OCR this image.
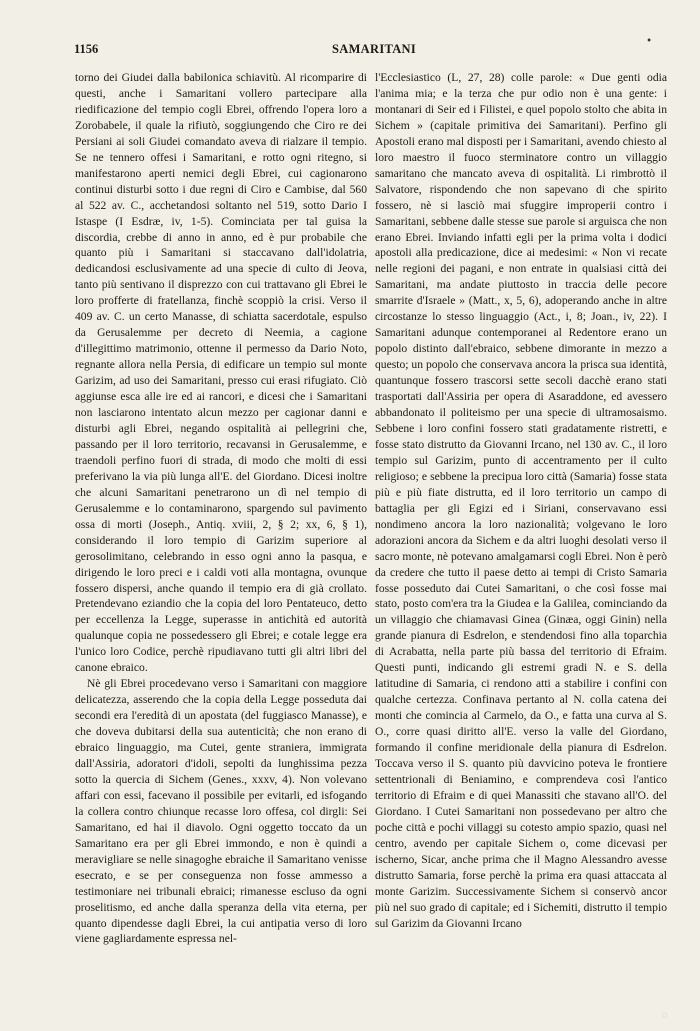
1156	SAMARITANI
•

torno dei Giudei dalla babilonica schiavitù. Al ricomparire di questi, anche i Samaritani vollero partecipare alla riedificazione del tempio cogli Ebrei, offrendo l'opera loro a Zorobabele, il quale la rifiutò, soggiungendo che Ciro re dei Persiani ai soli Giudei comandato aveva di rialzare il tempio. Se ne tennero offesi i Samaritani, e rotto ogni ritegno, si manifestarono aperti nemici degli Ebrei, cui cagionarono continui disturbi sotto i due regni di Ciro e Cambise, dal 560 al 522 av. C., acchetandosi soltanto nel 519, sotto Dario I Istaspe (I Esdræ, iv, 1-5). Cominciata per tal guisa la discordia, crebbe di anno in anno, ed è pur probabile che quanto più i Samaritani si staccavano dall'idolatria, dedicandosi esclusivamente ad una specie di culto di Jeova, tanto più sentivano il disprezzo con cui trattavano gli Ebrei le loro profferte di fratellanza, finchè scoppiò la crisi. Verso il 409 av. C. un certo Manasse, di schiatta sacerdotale, espulso da Gerusalemme per decreto di Neemia, a cagione d'illegittimo matrimonio, ottenne il permesso da Dario Noto, regnante allora nella Persia, di edificare un tempio sul monte Garizim, ad uso dei Samaritani, presso cui erasi rifugiato. Ciò aggiunse esca alle ire ed ai rancori, e dicesi che i Samaritani non lasciarono intentato alcun mezzo per cagionar danni e disturbi agli Ebrei, negando ospitalità ai pellegrini che, passando per il loro territorio, recavansi in Gerusalemme, e traendoli perfino fuori di strada, di modo che molti di essi preferivano la via più lunga all'E. del Giordano. Dicesi inoltre che alcuni Samaritani penetrarono un dì nel tempio di Gerusalemme e lo contaminarono, spargendo sul pavimento ossa di morti (Joseph., Antiq. xviii, 2, § 2; xx, 6, § 1), considerando il loro tempio di Garizim superiore al gerosolimitano, celebrando in esso ogni anno la pasqua, e dirigendo le loro preci e i caldi voti alla montagna, ovunque fossero dispersi, anche quando il tempio era di già crollato. Pretendevano eziandio che la copia del loro Pentateuco, detto per eccellenza la Legge, superasse in antichità ed autorità qualunque copia ne possedessero gli Ebrei; e cotale legge era l'unico loro Codice, perchè ripudiavano tutti gli altri libri del canone ebraico.

Nè gli Ebrei procedevano verso i Samaritani con maggiore delicatezza, asserendo che la copia della Legge posseduta dai secondi era l'eredità di un apostata (del fuggiasco Manasse), e che doveva dubitarsi della sua autenticità; che non erano di ebraico linguaggio, ma Cutei, gente straniera, immigrata dall'Assiria, adoratori d'idoli, sepolti da lunghissima pezza sotto la quercia di Sichem (Genes., xxxv, 4). Non volevano affari con essi, facevano il possibile per evitarli, ed isfogando la collera contro chiunque recasse loro offesa, col dirgli: Sei Samaritano, ed hai il diavolo. Ogni oggetto toccato da un Samaritano era per gli Ebrei immondo, e non è quindi a meravigliare se nelle sinagoghe ebraiche il Samaritano venisse esecrato, e se per conseguenza non fosse ammesso a testimoniare nei tribunali ebraici; rimanesse escluso da ogni proselitismo, ed anche dalla speranza della vita eterna, per quanto dipendesse dagli Ebrei, la cui antipatia verso di loro viene gagliardamente espressa nel-

l'Ecclesiastico (L, 27, 28) colle parole: « Due genti odia l'anima mia; e la terza che pur odio non è una gente: i montanari di Seir ed i Filistei, e quel popolo stolto che abita in Sichem » (capitale primitiva dei Samaritani). Perfino gli Apostoli erano mal disposti per i Samaritani, avendo chiesto al loro maestro il fuoco sterminatore contro un villaggio samaritano che mancato aveva di ospitalità. Li rimbrottò il Salvatore, rispondendo che non sapevano di che spirito fossero, nè si lasciò mai sfuggire improperii contro i Samaritani, sebbene dalle stesse sue parole si arguisca che non erano Ebrei. Inviando infatti egli per la prima volta i dodici apostoli alla predicazione, dice ai medesimi: « Non vi recate nelle regioni dei pagani, e non entrate in qualsiasi città dei Samaritani, ma andate piuttosto in traccia delle pecore smarrite d'Israele » (Matt., x, 5, 6), adoperando anche in altre circostanze lo stesso linguaggio (Act., i, 8; Joan., iv, 22). I Samaritani adunque contemporanei al Redentore erano un popolo distinto dall'ebraico, sebbene dimorante in mezzo a questo; un popolo che conservava ancora la prisca sua identità, quantunque fossero trascorsi sette secoli dacchè erano stati trasportati dall'Assiria per opera di Asaraddone, ed avessero abbandonato il politeismo per una specie di ultramosaismo. Sebbene i loro confini fossero stati gradatamente ristretti, e fosse stato distrutto da Giovanni Ircano, nel 130 av. C., il loro tempio sul Garizim, punto di accentramento per il culto religioso; e sebbene la precipua loro città (Samaria) fosse stata più e più fiate distrutta, ed il loro territorio un campo di battaglia per gli Egizi ed i Siriani, conservavano essi nondimeno ancora la loro nazionalità; volgevano le loro adorazioni ancora da Sichem e da altri luoghi desolati verso il sacro monte, nè potevano amalgamarsi cogli Ebrei. Non è però da credere che tutto il paese detto ai tempi di Cristo Samaria fosse posseduto dai Cutei Samaritani, o che così fosse mai stato, posto com'era tra la Giudea e la Galilea, cominciando da un villaggio che chiamavasi Ginea (Ginæa, oggi Ginin) nella grande pianura di Esdrelon, e stendendosi fino alla toparchia di Acrabatta, nella parte più bassa del territorio di Efraim. Questi punti, indicando gli estremi gradi N. e S. della latitudine di Samaria, ci rendono atti a stabilire i confini con qualche certezza. Confinava pertanto al N. colla catena dei monti che comincia al Carmelo, da O., e fatta una curva al S. O., corre quasi diritto all'E. verso la valle del Giordano, formando il confine meridionale della pianura di Esdrelon. Toccava verso il S. quanto più davvicino poteva le frontiere settentrionali di Beniamino, e comprendeva così l'antico territorio di Efraim e di quei Manassiti che stavano all'O. del Giordano. I Cutei Samaritani non possedevano per altro che poche città e pochi villaggi su cotesto ampio spazio, quasi nel centro, avendo per capitale Sichem o, come dicevasi per ischerno, Sicar, anche prima che il Magno Alessandro avesse distrutto Samaria, forse perchè la prima era quasi attaccata al monte Garizim. Successivamente Sichem si conservò ancor più nel suo grado di capitale; ed i Sichemiti, distrutto il tempio sul Garizim da Giovanni Ircano

◦
